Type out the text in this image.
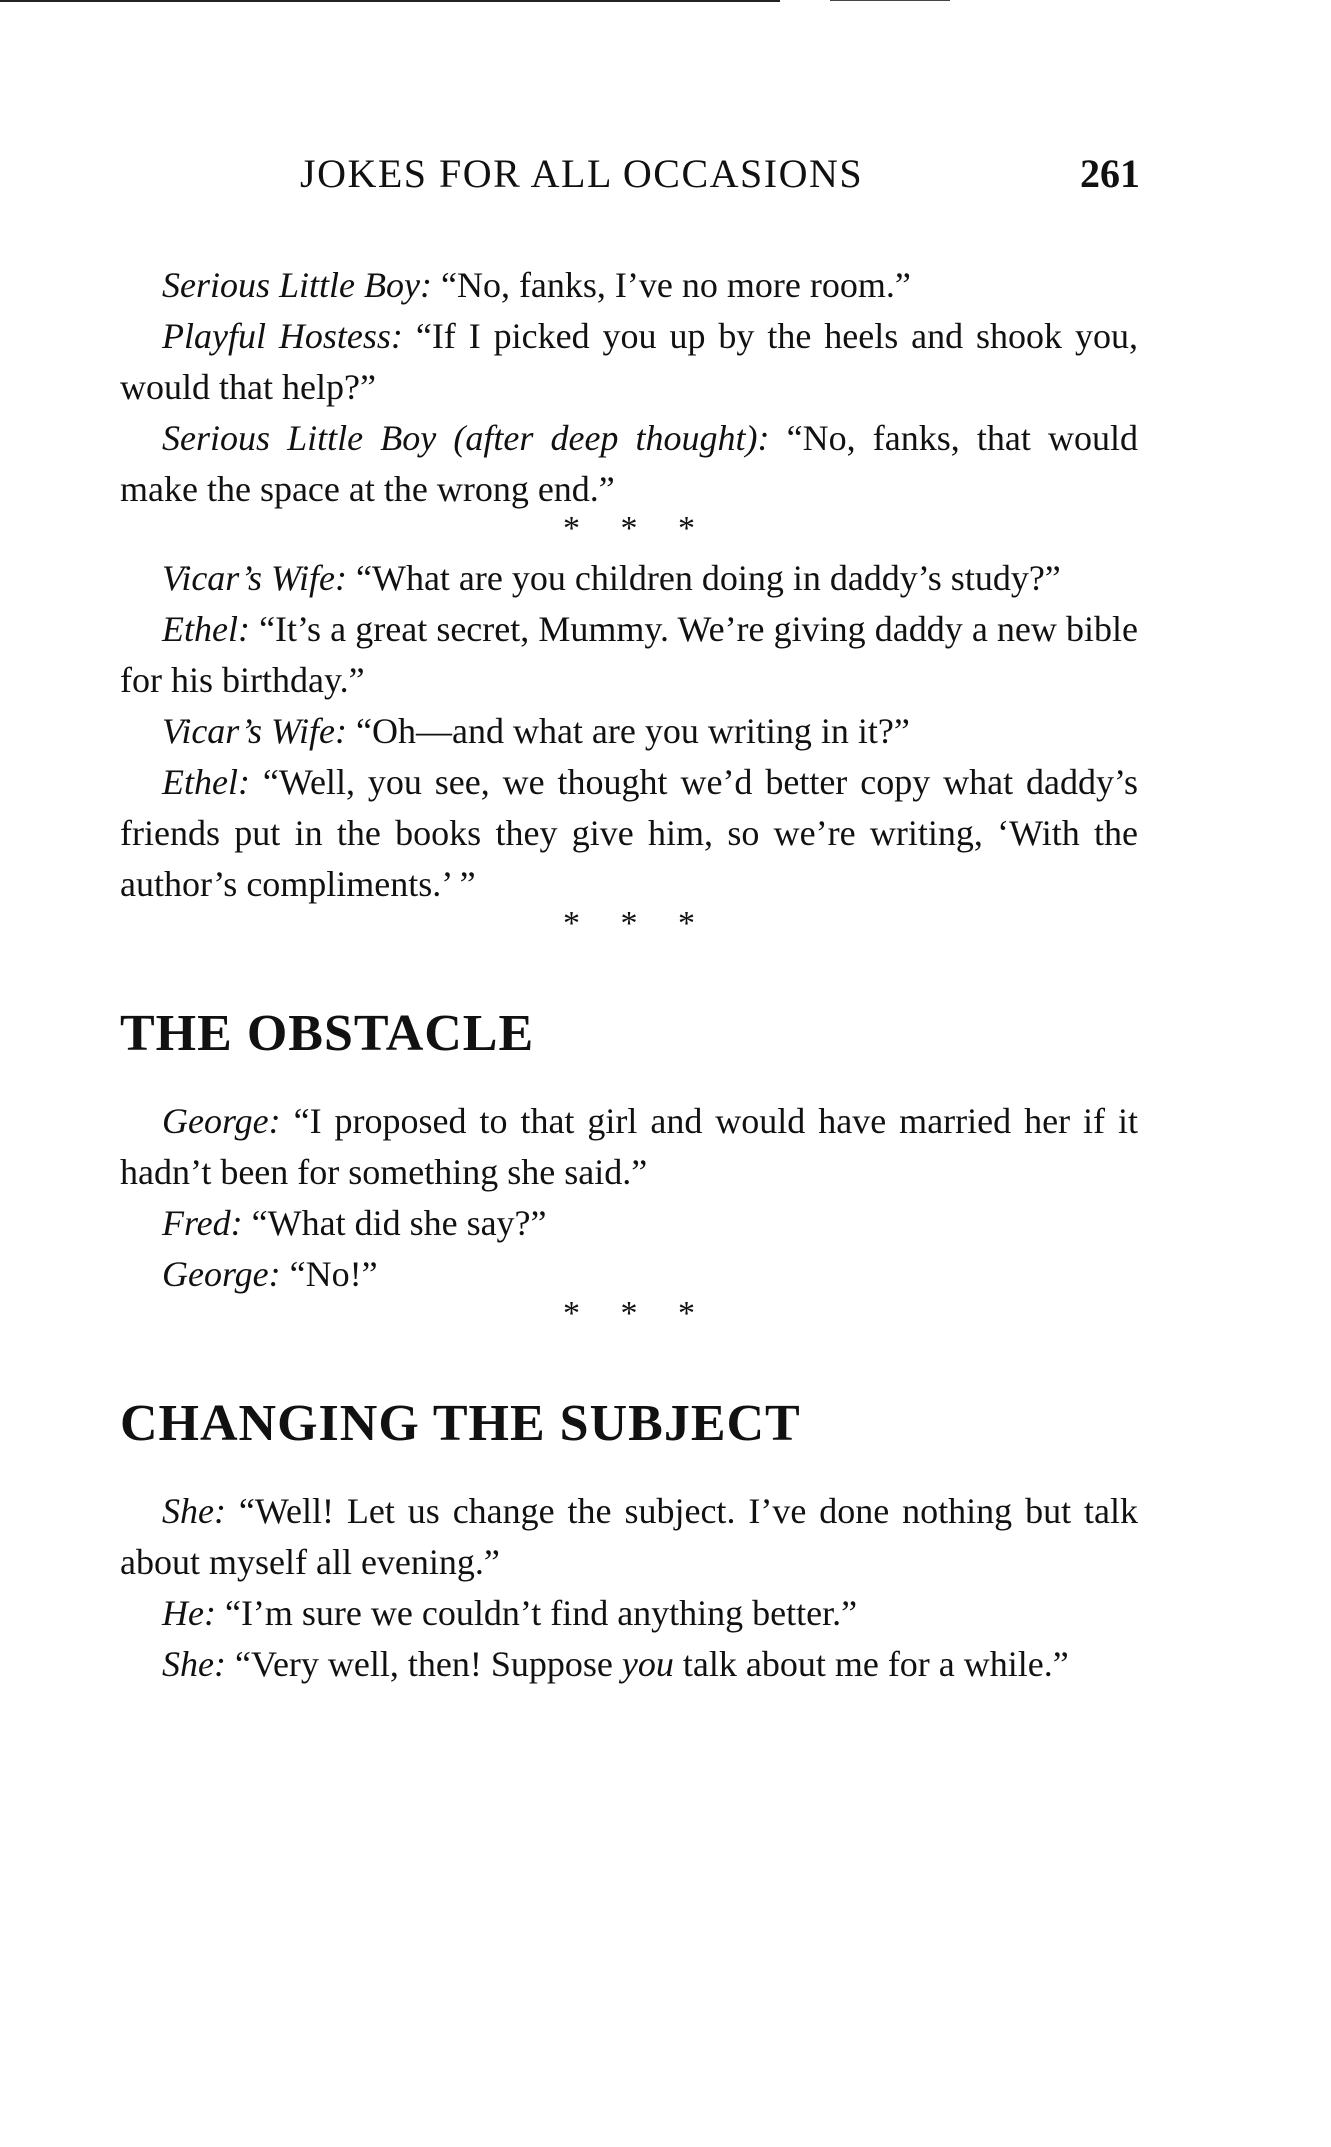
JOKES FOR ALL OCCASIONS	261

Serious Little Boy: “No, fanks, I’ve no more room.”

Playful Hostess: “If I picked you up by the heels and shook you, would that help?”

Serious Little Boy (after deep thought): “No, fanks, that would make the space at the wrong end.”

* * *

Vicar’s Wife: “What are you children doing in daddy’s study?”

Ethel: “It’s a great secret, Mummy. We’re giving daddy a new bible for his birthday.”

Vicar’s Wife: “Oh—and what are you writing in it?”

Ethel: “Well, you see, we thought we’d better copy what daddy’s friends put in the books they give him, so we’re writing, ‘With the author’s compliments.’ ”

* * *
THE OBSTACLE

George: “I proposed to that girl and would have married her if it hadn’t been for something she said.”

Fred: “What did she say?”

George: “No!”

* * *
CHANGING THE SUBJECT

She: “Well! Let us change the subject. I’ve done nothing but talk about myself all evening.”

He: “I’m sure we couldn’t find anything better.”

She: “Very well, then! Suppose you talk about me for a while.”
